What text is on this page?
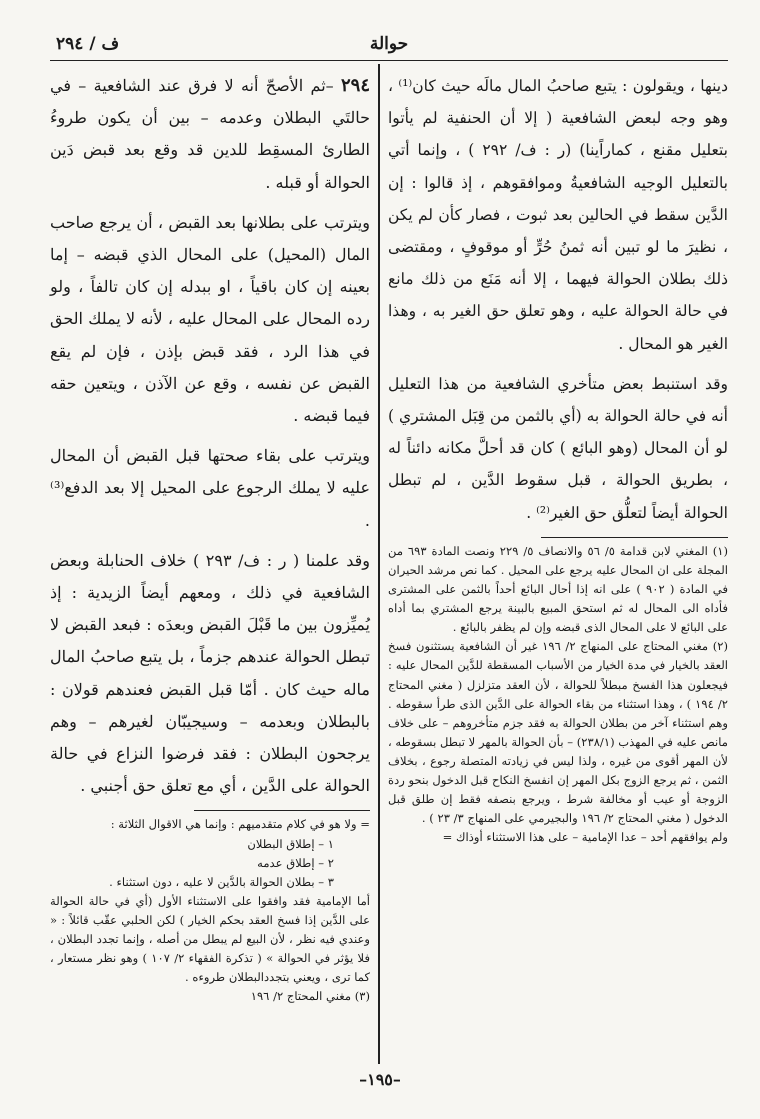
حوالة
ف / ٢٩٤

دينها ، ويقولون : يتبع صاحبُ المال مالَه حيث كان⁽¹⁾ ، وهو وجه لبعض الشافعية ( إلا أن الحنفية لم يأتوا بتعليل مقنع ، كماراًينا) (ر : ف/ ٢٩٢ ) ، وإنما أتي بالتعليل الوجيه الشافعيةُ وموافقوهم ، إذ قالوا : إن الدَّين سقط في الحالين بعد ثبوت ، فصار كأن لم يكن ، نظيرَ ما لو تبين أنه ثمنُ حُرٍّ أو موقوفٍ ، ومقتضى ذلك بطلان الحوالة فيهما ، إلا أنه مَنَع من ذلك مانع في حالة الحوالة عليه ، وهو تعلق حق الغير به ، وهذا الغير هو المحال .

وقد استنبط بعض متأخري الشافعية من هذا التعليل أنه في حالة الحوالة به (أي بالثمن من قِبَل المشتري ) لو أن المحال (وهو البائع ) كان قد أحلَّ مكانه دائناً له ، بطريق الحوالة ، قبل سقوط الدَّين ، لم تبطل الحوالة أيضاً لتعلُّق حق الغير⁽²⁾ .

(١) المغني لابن قدامة ٥/ ٥٦ والانصاف ٥/ ٢٢٩ ونصت المادة ٦٩٣ من المجلة على ان المحال عليه يرجع على المحيل . كما نص مرشد الحيران في المادة ( ٩٠٢ ) على انه إذا أحال البائع أحداً بالثمن على المشترى فأداه الى المحال له ثم استحق المبيع بالبينة يرجع المشتري بما أداه على البائع لا على المحال الذى قبضه وإن لم يظفر بالبائع .

(٢) مغني المحتاج على المنهاج ٢/ ١٩٦ غير أن الشافعية يستثنون فسخ العقد بالخيار في مدة الخيار من الأسباب المسقطة للدَّين المحال عليه : فيجعلون هذا الفسخ مبطلاً للحوالة ، لأن العقد متزلزل ( مغني المحتاج ٢/ ١٩٤ ) ، وهذا استثناء من بقاء الحوالة على الدَّين الذى طرأ سقوطه . وهم استثناء آخر من بطلان الحوالة به فقد جزم متأخروهم – على خلاف مانص عليه في المهذب (٢٣٨/١) – بأن الحوالة بالمهر لا تبطل بسقوطه ، لأن المهر أقوى من غيره ، ولذا ليس في زيادته المتصلة رجوع ، بخلاف الثمن ، ثم يرجع الزوج بكل المهر إن انفسخ النكاح قبل الدخول بنحو ردة الزوجة أو عيب أو مخالفة شرط ، ويرجع بنصفه فقط إن طلق قبل الدخول ( مغني المحتاج ٢/ ١٩٦ والبجيرمي على المنهاج ٣/ ٢٣ ) .

ولم يوافقهم أحد – عدا الإمامية – على هذا الاستثناء أوذاك =

٢٩٤ –ثم الأصحّ أنه لا فرق عند الشافعية – في حالتَي البطلان وعدمه – بين أن يكون طروءُ الطارئ المسقِط للدين قد وقع بعد قبض دَين الحوالة أو قبله .

ويترتب على بطلانها بعد القبض ، أن يرجع صاحب المال (المحيل) على المحال الذي قبضه – إما بعينه إن كان باقياً ، او ببدله إن كان تالفاً ، ولو رده المحال على المحال عليه ، لأنه لا يملك الحق في هذا الرد ، فقد قبض بإذن ، فإن لم يقع القبض عن نفسه ، وقع عن الآذن ، ويتعين حقه فيما قبضه .

ويترتب على بقاء صحتها قبل القبض أن المحال عليه لا يملك الرجوع على المحيل إلا بعد الدفع⁽³⁾ .

وقد علمنا ( ر : ف/ ٢٩٣ ) خلاف الحنابلة وبعض الشافعية في ذلك ، ومعهم أيضاً الزيدية : إذ يُميِّزون بين ما قَبْلَ القبض وبعدَه : فبعد القبض لا تبطل الحوالة عندهم جزماً ، بل يتبع صاحبُ المال ماله حيث كان . أمّا قبل القبض فعندهم قولان : بالبطلان وبعدمه – وسيجيبّان لغيرهم – وهم يرجحون البطلان : فقد فرضوا النزاع في حالة الحوالة على الدَّين ، أي مع تعلق حق أجنبي .

= ولا هو في كلام متقدميهم : وإنما هي الاقوال الثلاثة :

١ – إطلاق البطلان
٢ – إطلاق عدمه
٣ – بطلان الحوالة بالدَّين لا عليه ، دون استثناء .

أما الإمامية فقد وافقوا على الاستثناء الأول (أي في حالة الحوالة على الدَّين إذا فسخ العقد بحكم الخيار ) لكن الحلبي عقّب قائلاً : « وعندي فيه نظر ، لأن البيع لم يبطل من أصله ، وإنما تجدد البطلان ، فلا يؤثر في الحوالة » ( تذكرة الفقهاء ٢/ ١٠٧ ) وهو نظر مستعار ، كما ترى ، ويعني بتجددالبطلان طروءه .

(٣) مغني المحتاج ٢/ ١٩٦

–١٩٥–
